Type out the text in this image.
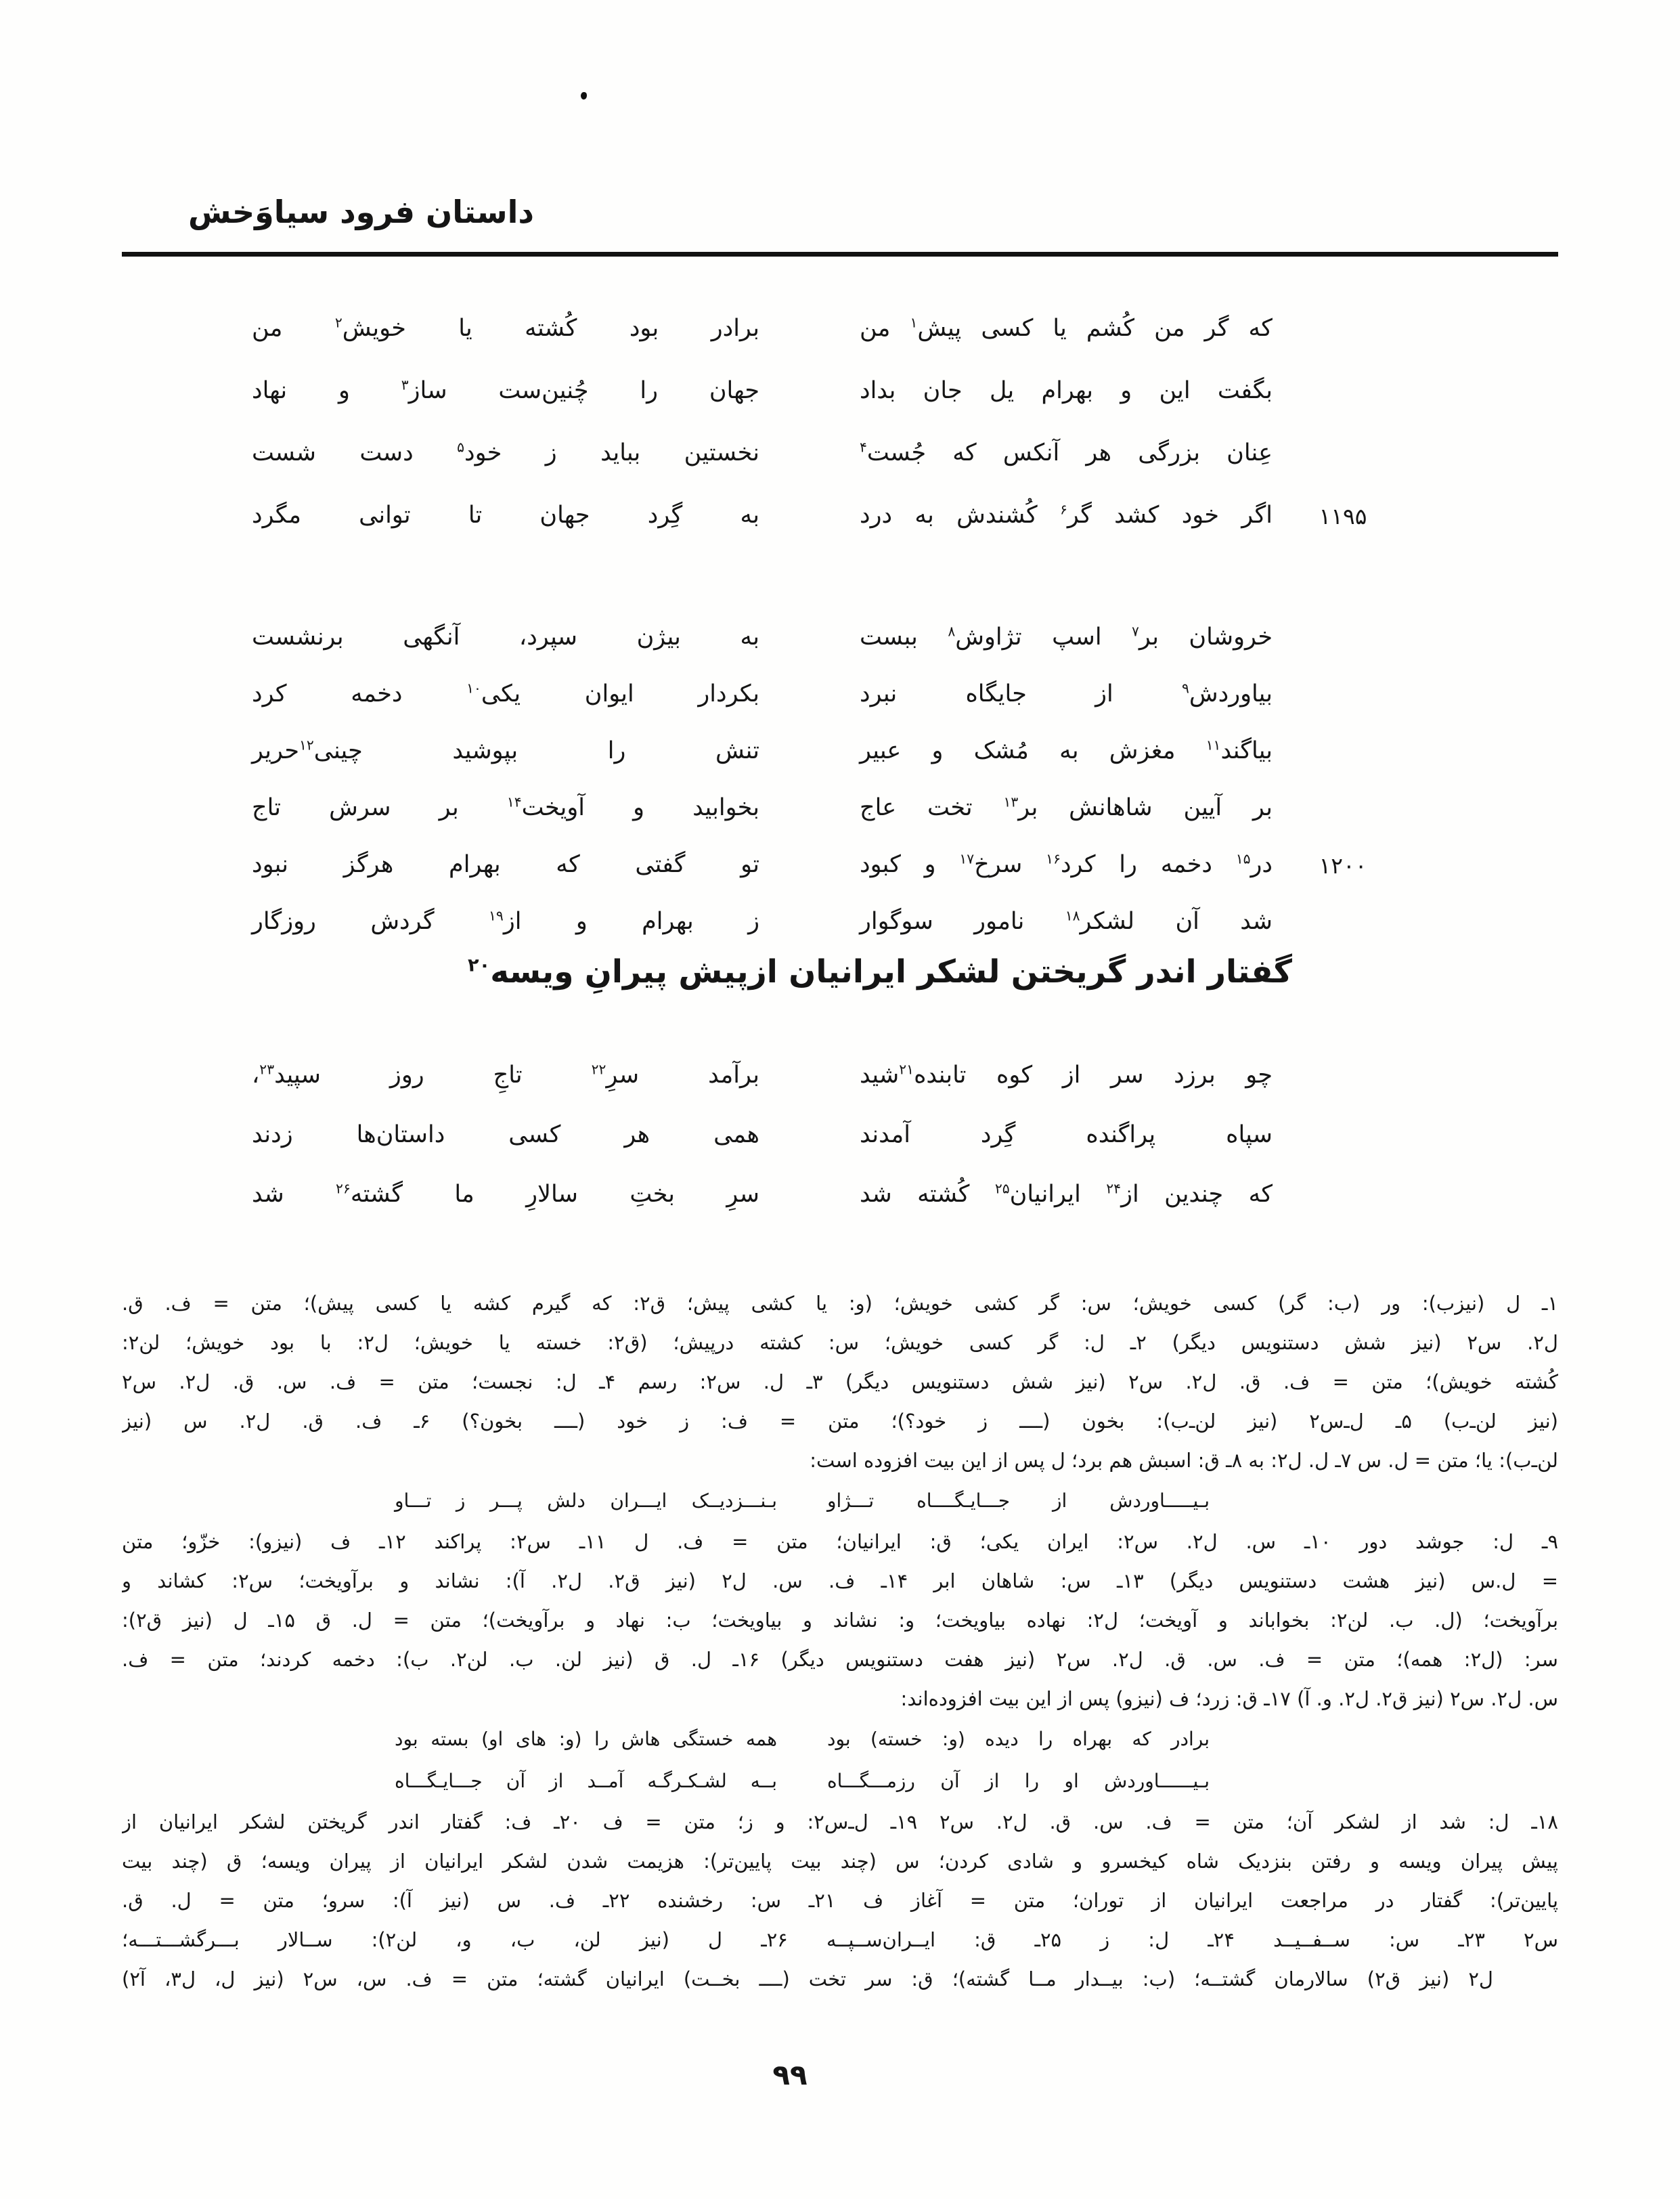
داستان فرود سیاوَخش
که گر من کُشم یا کسی پیش$^۱$ من
برادر بود کُشته یا خویش$^۲$ من
بگفت این و بهرام یل جان بداد
جهان را چُنین‌ست ساز$^۳$ و نهاد
عِنان بزرگی هر آنکس که جُست$^۴$
نخستین بباید ز خود$^۵$ دست شست
۱۱۹۵
اگر خود کشد گر$^۶$ کُشندش به درد
به گِرد جهان تا توانی مگرد
خروشان بر$^۷$ اسپ تژاوش$^۸$ ببست
به بیژن سپرد، آنگهی برنشست
بیاوردش$^۹$ از جایگاه نبرد
بکردار ایوان یکی$^{۱۰}$ دخمه کرد
بیاگند$^{۱۱}$ مغزش به مُشک و عبیر
تنش را بپوشید چینی$^{۱۲}$حریر
بر آیین شاهانش بر$^{۱۳}$ تخت عاج
بخوابید و آویخت$^{۱۴}$ بر سرش تاج
۱۲۰۰
در$^{۱۵}$ دخمه را کرد$^{۱۶}$ سرخ$^{۱۷}$ و کبود
تو گفتی که بهرام هرگز نبود
شد آن لشکر$^{۱۸}$ نامور سوگوار
ز بهرام و از$^{۱۹}$ گردش روزگار
گفتار اندر گریختن لشکر ایرانیان ازپیش پیرانِ ویسه$^{۲۰}$
چو برزد سر از کوه تابنده$^{۲۱}$شید
برآمد سرِ$^{۲۲}$ تاجِ روز سپید$^{۲۳}$،
سپاه پراگنده گِرد آمدند
همی هر کسی داستان‌ها زدند
که چندین از$^{۲۴}$ ایرانیان$^{۲۵}$ کُشته شد
سرِ بختِ سالارِ ما گشته$^{۲۶}$ شد
۱ـ ل (نیزب): ور (ب: گر) کسی خویش؛ س: گر کشی خویش؛ (و: یا کشی پیش؛ ق۲: که گیرم کشه یا کسی پیش)؛ متن = ف. ق.
ل۲. س۲ (نیز شش دستنویس دیگر) ۲ـ ل: گر کسی خویش؛ س: کشته درپیش؛ (ق۲: خسته یا خویش؛ ل۲: با بود خویش؛ لن۲:
کُشته خویش)؛ متن = ف. ق. ل۲. س۲ (نیز شش دستنویس دیگر) ۳ـ ل. س۲: رسم ۴ـ ل: نجست؛ متن = ف. س. ق. ل۲. س۲
(نیز لن‌ـ‌ب) ۵ـ ل‌ـ‌س۲ (نیز لن‌ـ‌ب): بخون (ــــ ز خود؟)؛ متن = ف: ز خود (ــــ بخون؟) ۶ـ ف. ق. ل۲. س (نیز
لن‌ـ‌ب): یا؛ متن = ل. س ۷ـ ل. ل۲: به ۸ـ ق: اسبش هم برد؛ ل پس از این بیت افزوده است:
بـیـــــاوردش از جـــایـگــــاه تـــژاو
بـنـــزدیــک ایـــران دلش پـــر ز تـــاو
۹ـ ل: جوشد دور ۱۰ـ س. ل۲. س۲: ایران یکی؛ ق: ایرانیان؛ متن = ف. ل ۱۱ـ س۲: پراکند ۱۲ـ ف (نیزو): خزّو؛ متن
= ل.س (نیز هشت دستنویس دیگر) ۱۳ـ س: شاهان ابر ۱۴ـ ف. س. ل۲ (نیز ق۲. ل۲. آ): نشاند و برآویخت؛ س۲: کشاند و
برآویخت؛ (ل. ب. لن۲: بخواباند و آویخت؛ ل۲: نهاده بیاویخت؛ و: نشاند و بیاویخت؛ ب: نهاد و برآویخت)؛ متن = ل. ق ۱۵ـ ل (نیز ق۲):
سر: (ل۲: همه)؛ متن = ف. س. ق. ل۲. س۲ (نیز هفت دستنویس دیگر) ۱۶ـ ل. ق (نیز لن. ب. لن۲. ب): دخمه کردند؛ متن = ف.
س. ل۲. س۲ (نیز ق۲. ل۲. و. آ) ۱۷ـ ق: زرد؛ ف (نیزو) پس از این بیت افزوده‌اند:
برادر که بهراه را دیده (و: خسته) بود
همه خستگی هاش را (و: های او) بسته بود
بـیــــــاوردش او را از آن رزمـــگـــاه
بــه لشـکـرگـه آمــد از آن جـــایـگـــاه
۱۸ـ ل: شد از لشکر آن؛ متن = ف. س. ق. ل۲. س۲ ۱۹ـ ل‌ـ‌س۲: و ز؛ متن = ف ۲۰ـ ف: گفتار اندر گریختن لشکر ایرانیان از
پیش پیران ویسه و رفتن بنزدیک شاه کیخسرو و شادی کردن؛ س (چند بیت پایین‌تر): هزیمت شدن لشکر ایرانیان از پیران ویسه؛ ق (چند بیت
پایین‌تر): گفتار در مراجعت ایرانیان از توران؛ متن = آغاز ف ۲۱ـ س: رخشنده ۲۲ـ ف. س (نیز آ): سرو؛ متن = ل. ق.
س۲ ۲۳ـ س: ســفــیــد ۲۴ـ ل: ز ۲۵ـ ق: ایــران‌ســپــه ۲۶ـ ل (نیز لن، ب، و، لن۲): ســالار بـــرگشـــتـــه؛
ل۲ (نیز ق۲) سالارمان گشتــه؛ (ب: بیــدار مــا گشته)؛ ق: سر تخت (ــــ بخــت) ایرانیان گشته؛ متن = ف. س، س۲ (نیز ل، ل۳، آ۲)
۹۹
